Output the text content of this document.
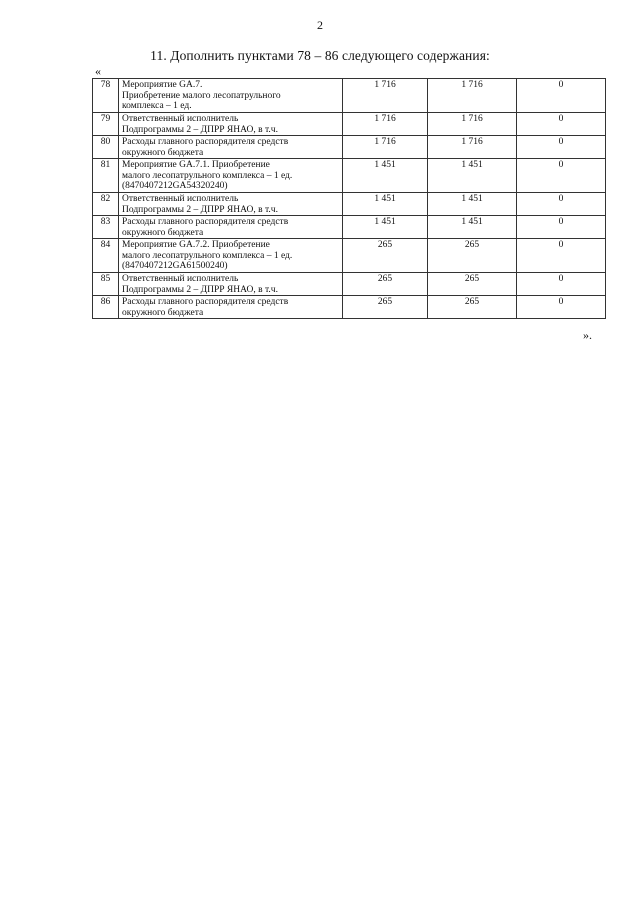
2
11. Дополнить пунктами 78 – 86 следующего содержания:
«
78	Мероприятие GA.7.
Приобретение малого лесопатрульного
комплекса – 1 ед.	1 716	1 716	0
79	Ответственный исполнитель
Подпрограммы 2 – ДПРР ЯНАО, в т.ч.	1 716	1 716	0
80	Расходы главного распорядителя средств
окружного бюджета	1 716	1 716	0
81	Мероприятие GA.7.1. Приобретение
малого лесопатрульного комплекса – 1 ед.
(8470407212GA54320240)	1 451	1 451	0
82	Ответственный исполнитель
Подпрограммы 2 – ДПРР ЯНАО, в т.ч.	1 451	1 451	0
83	Расходы главного распорядителя средств
окружного бюджета	1 451	1 451	0
84	Мероприятие GA.7.2. Приобретение
малого лесопатрульного комплекса – 1 ед.
(8470407212GA61500240)	265	265	0
85	Ответственный исполнитель
Подпрограммы 2 – ДПРР ЯНАО, в т.ч.	265	265	0
86	Расходы главного распорядителя средств
окружного бюджета	265	265	0
».
